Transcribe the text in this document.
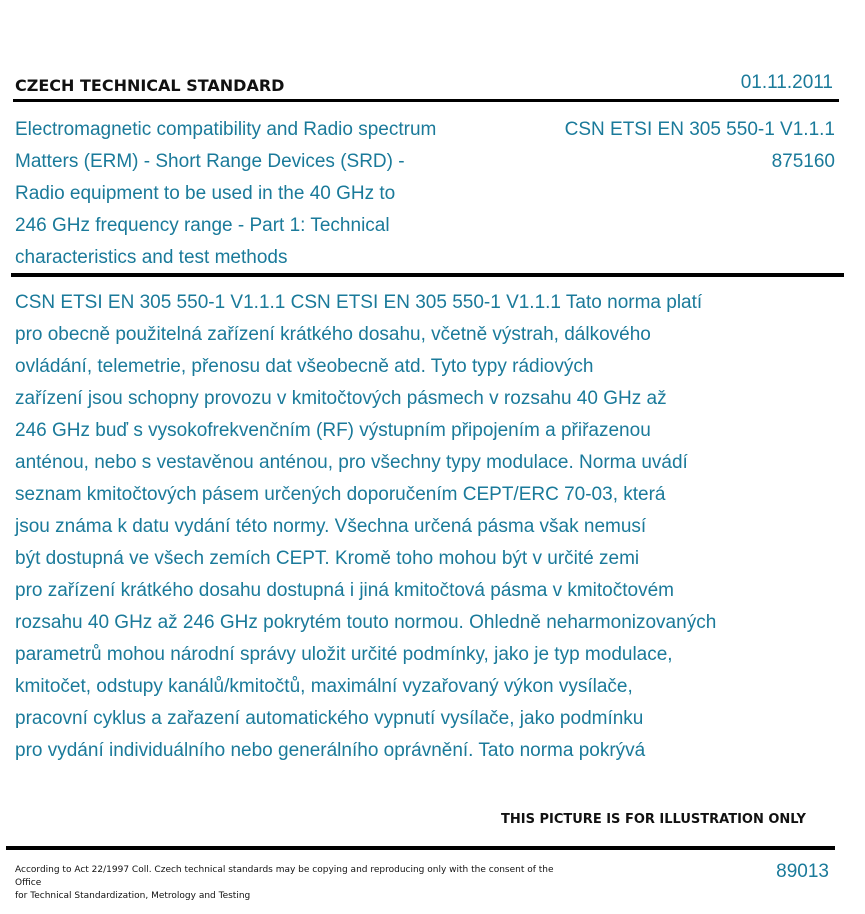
CZECH TECHNICAL STANDARD	01.11.2011
Electromagnetic compatibility and Radio spectrum
Matters (ERM) - Short Range Devices (SRD) -
Radio equipment to be used in the 40 GHz to
246 GHz frequency range - Part 1: Technical
characteristics and test methods
CSN ETSI EN 305 550-1 V1.1.1
875160
CSN ETSI EN 305 550-1 V1.1.1 CSN ETSI EN 305 550-1 V1.1.1 Tato norma platí
pro obecně použitelná zařízení krátkého dosahu, včetně výstrah, dálkového
ovládání, telemetrie, přenosu dat všeobecně atd. Tyto typy rádiových
zařízení jsou schopny provozu v kmitočtových pásmech v rozsahu 40 GHz až
246 GHz buď s vysokofrekvenčním (RF) výstupním připojením a přiřazenou
anténou, nebo s vestavěnou anténou, pro všechny typy modulace. Norma uvádí
seznam kmitočtových pásem určených doporučením CEPT/ERC 70-03, která
jsou známa k datu vydání této normy. Všechna určená pásma však nemusí
být dostupná ve všech zemích CEPT. Kromě toho mohou být v určité zemi
pro zařízení krátkého dosahu dostupná i jiná kmitočtová pásma v kmitočtovém
rozsahu 40 GHz až 246 GHz pokrytém touto normou. Ohledně neharmonizovaných
parametrů mohou národní správy uložit určité podmínky, jako je typ modulace,
kmitočet, odstupy kanálů/kmitočtů, maximální vyzařovaný výkon vysílače,
pracovní cyklus a zařazení automatického vypnutí vysílače, jako podmínku
pro vydání individuálního nebo generálního oprávnění. Tato norma pokrývá
THIS PICTURE IS FOR ILLUSTRATION ONLY
According to Act 22/1997 Coll. Czech technical standards may be copying and reproducing only with the consent of the Office
for Technical Standardization, Metrology and Testing
89013
